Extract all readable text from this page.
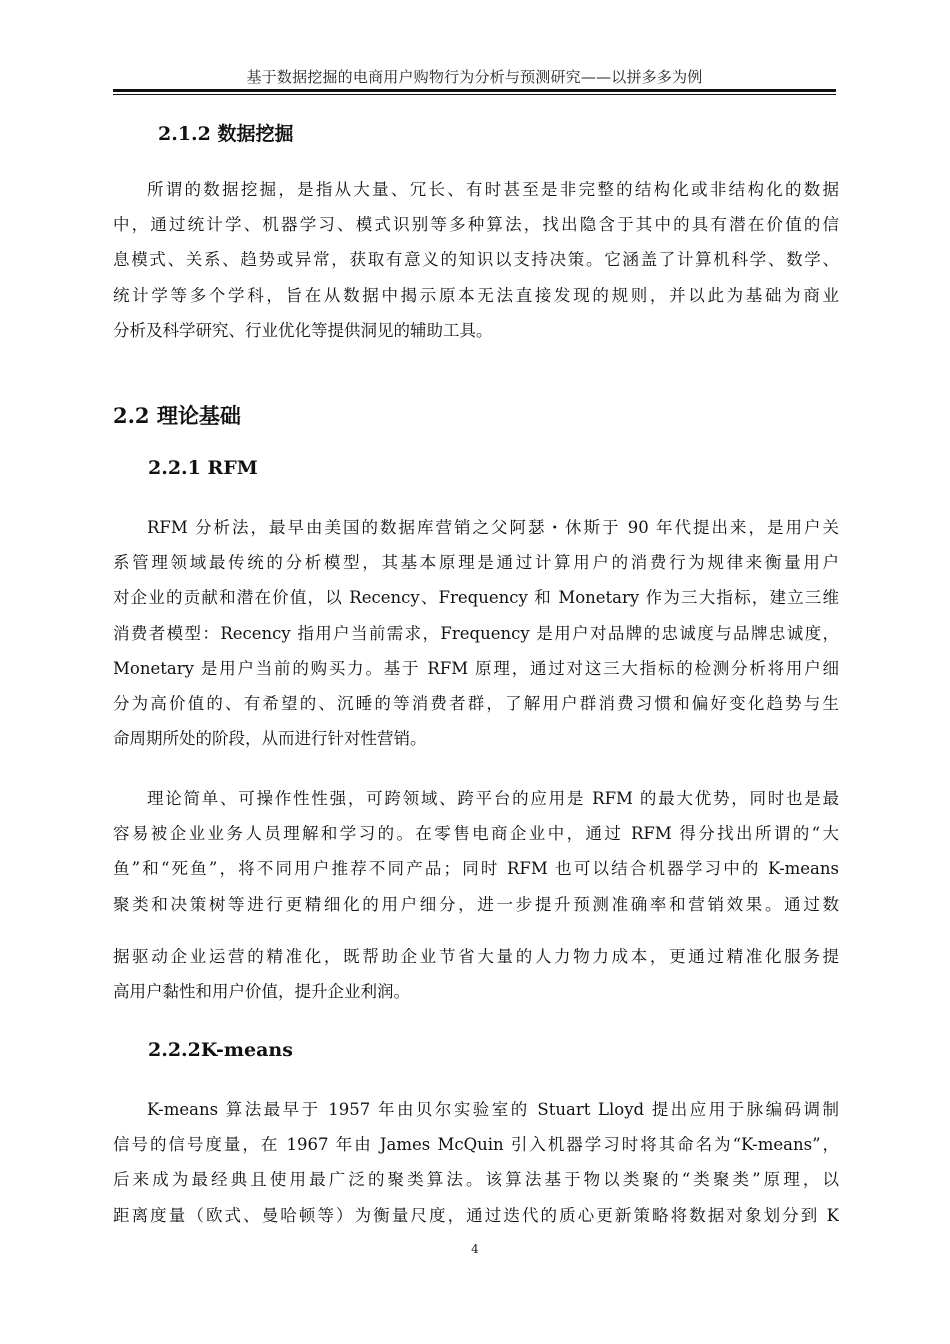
基于数据挖掘的电商用户购物行为分析与预测研究——以拼多多为例
2.1.2 数据挖掘
所谓的数据挖掘，是指从大量、冗长、有时甚至是非完整的结构化或非结构化的数据
中，通过统计学、机器学习、模式识别等多种算法，找出隐含于其中的具有潜在价值的信
息模式、关系、趋势或异常，获取有意义的知识以支持决策。它涵盖了计算机科学、数学、
统计学等多个学科，旨在从数据中揭示原本无法直接发现的规则，并以此为基础为商业
分析及科学研究、行业优化等提供洞见的辅助工具。
2.2 理论基础
2.2.1 RFM
RFM 分析法，最早由美国的数据库营销之父阿瑟・休斯于 90 年代提出来，是用户关
系管理领域最传统的分析模型，其基本原理是通过计算用户的消费行为规律来衡量用户
对企业的贡献和潜在价值，以 Recency、Frequency 和 Monetary 作为三大指标，建立三维
消费者模型：Recency 指用户当前需求，Frequency 是用户对品牌的忠诚度与品牌忠诚度，
Monetary 是用户当前的购买力。基于 RFM 原理，通过对这三大指标的检测分析将用户细
分为高价值的、有希望的、沉睡的等消费者群，了解用户群消费习惯和偏好变化趋势与生
命周期所处的阶段，从而进行针对性营销。
理论简单、可操作性性强，可跨领域、跨平台的应用是 RFM 的最大优势，同时也是最
容易被企业业务人员理解和学习的。在零售电商企业中，通过 RFM 得分找出所谓的“大
鱼”和“死鱼”，将不同用户推荐不同产品；同时 RFM 也可以结合机器学习中的 K-means
聚类和决策树等进行更精细化的用户细分，进一步提升预测准确率和营销效果。通过数
据驱动企业运营的精准化，既帮助企业节省大量的人力物力成本，更通过精准化服务提
高用户黏性和用户价值，提升企业利润。
2.2.2K-means
K-means 算法最早于 1957 年由贝尔实验室的 Stuart Lloyd 提出应用于脉编码调制
信号的信号度量，在 1967 年由 James McQuin 引入机器学习时将其命名为“K-means”，
后来成为最经典且使用最广泛的聚类算法。该算法基于物以类聚的“类聚类”原理，以
距离度量（欧式、曼哈顿等）为衡量尺度，通过迭代的质心更新策略将数据对象划分到 K
4
